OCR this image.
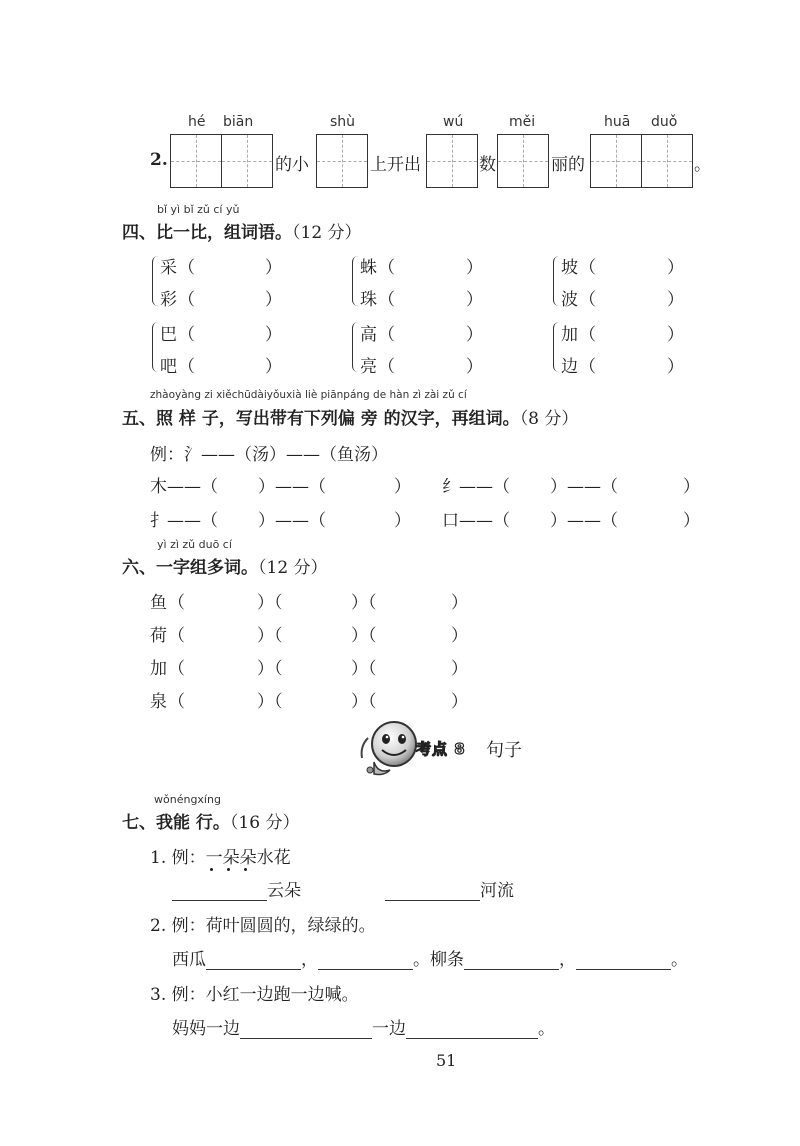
hé biān	shù	wú	měi	huā duǒ
2.	的小	上开出	数	丽的	。
bǐ yì bǐ zǔ cí yǔ
四、比一比，组词语。（12 分）
采 （	）
彩 （	）
蛛 （	）
珠 （	）
坡 （	）
波 （	）
巴 （	）
吧 （	）
高 （	）
亮 （	）
加 （	）
边 （	）
zhàoyàng zi xiěchūdàiyǒuxià liè piānpáng de hàn zì zài zǔ cí
五、照 样 子，写出带有下列偏 旁 的汉字，再组词。（8 分）
例：氵——（汤）——（鱼汤）
木——（ ）——（	） 纟——（ ）——（	）
扌——（ ）——（	） 口——（ ）——（	）
yì zì zǔ duō cí
六、一字组多词。（12 分）
鱼 （	）（	）（	）
荷 （	）（	）（	）
加 （	）（	）（	）
泉 （	）（	）（	）
考点 8 句子
wǒnéngxíng
七、我能 行。（16 分）
1. 例：一朵朵水花
云朵	河流
2. 例：荷叶圆圆的，绿绿的。
西瓜	，	。柳条	，	。
3. 例：小红一边跑一边喊。
妈妈一边	一边	。
51
